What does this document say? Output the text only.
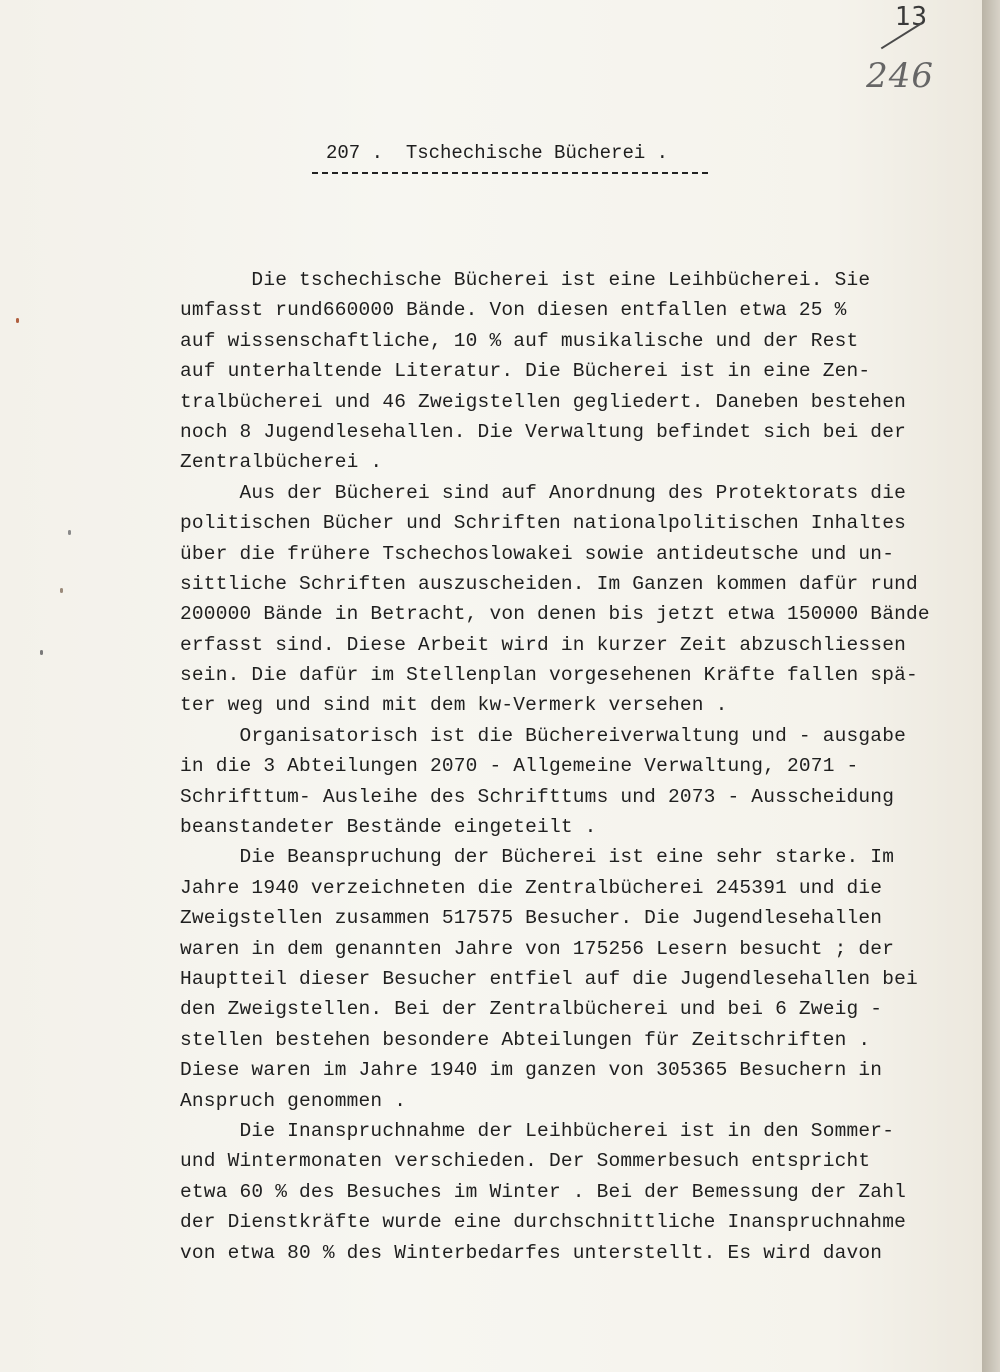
13
246
207 .  Tschechische Bücherei .
Die tschechische Bücherei ist eine Leihbücherei. Sie
umfasst rund660000 Bände. Von diesen entfallen etwa 25 %
auf wissenschaftliche, 10 % auf musikalische und der Rest
auf unterhaltende Literatur. Die Bücherei ist in eine Zen-
tralbücherei und 46 Zweigstellen gegliedert. Daneben bestehen
noch 8 Jugendlesehallen. Die Verwaltung befindet sich bei der
Zentralbücherei .
Aus der Bücherei sind auf Anordnung des Protektorats die
politischen Bücher und Schriften nationalpolitischen Inhaltes
über die frühere Tschechoslowakei sowie antideutsche und un-
sittliche Schriften auszuscheiden. Im Ganzen kommen dafür rund
200000 Bände in Betracht, von denen bis jetzt etwa 150000 Bände
erfasst sind. Diese Arbeit wird in kurzer Zeit abzuschliessen
sein. Die dafür im Stellenplan vorgesehenen Kräfte fallen spä-
ter weg und sind mit dem kw-Vermerk versehen .
Organisatorisch ist die Büchereiverwaltung und - ausgabe
in die 3 Abteilungen 2070 - Allgemeine Verwaltung, 2071 -
Schrifttum- Ausleihe des Schrifttums und 2073 - Ausscheidung
beanstandeter Bestände eingeteilt .
Die Beanspruchung der Bücherei ist eine sehr starke. Im
Jahre 1940 verzeichneten die Zentralbücherei 245391 und die
Zweigstellen zusammen 517575 Besucher. Die Jugendlesehallen
waren in dem genannten Jahre von 175256 Lesern besucht ; der
Hauptteil dieser Besucher entfiel auf die Jugendlesehallen bei
den Zweigstellen. Bei der Zentralbücherei und bei 6 Zweig -
stellen bestehen besondere Abteilungen für Zeitschriften .
Diese waren im Jahre 1940 im ganzen von 305365 Besuchern in
Anspruch genommen .
Die Inanspruchnahme der Leihbücherei ist in den Sommer-
und Wintermonaten verschieden. Der Sommerbesuch entspricht
etwa 60 % des Besuches im Winter . Bei der Bemessung der Zahl
der Dienstkräfte wurde eine durchschnittliche Inanspruchnahme
von etwa 80 % des Winterbedarfes unterstellt. Es wird davon
